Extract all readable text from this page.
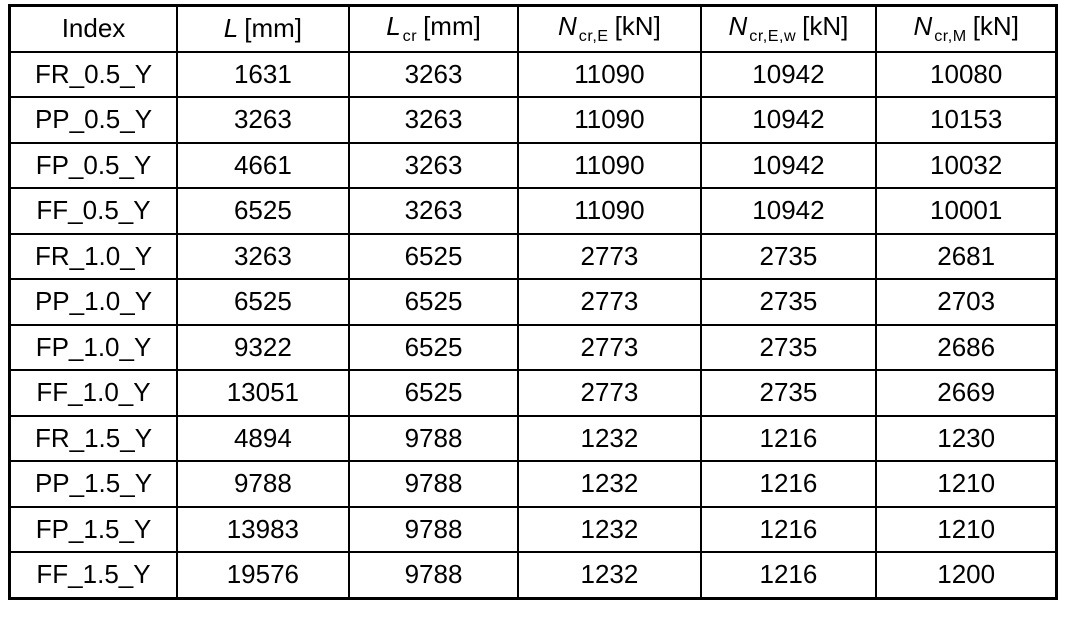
Index	L [mm]	L $_{cr}$ [mm]	N $_{cr,E}$ [kN]	N $_{cr,E,w}$ [kN]	N $_{cr,M}$ [kN]
FR_0.5_Y	1631	3263	11090	10942	10080
PP_0.5_Y	3263	3263	11090	10942	10153
FP_0.5_Y	4661	3263	11090	10942	10032
FF_0.5_Y	6525	3263	11090	10942	10001
FR_1.0_Y	3263	6525	2773	2735	2681
PP_1.0_Y	6525	6525	2773	2735	2703
FP_1.0_Y	9322	6525	2773	2735	2686
FF_1.0_Y	13051	6525	2773	2735	2669
FR_1.5_Y	4894	9788	1232	1216	1230
PP_1.5_Y	9788	9788	1232	1216	1210
FP_1.5_Y	13983	9788	1232	1216	1210
FF_1.5_Y	19576	9788	1232	1216	1200
